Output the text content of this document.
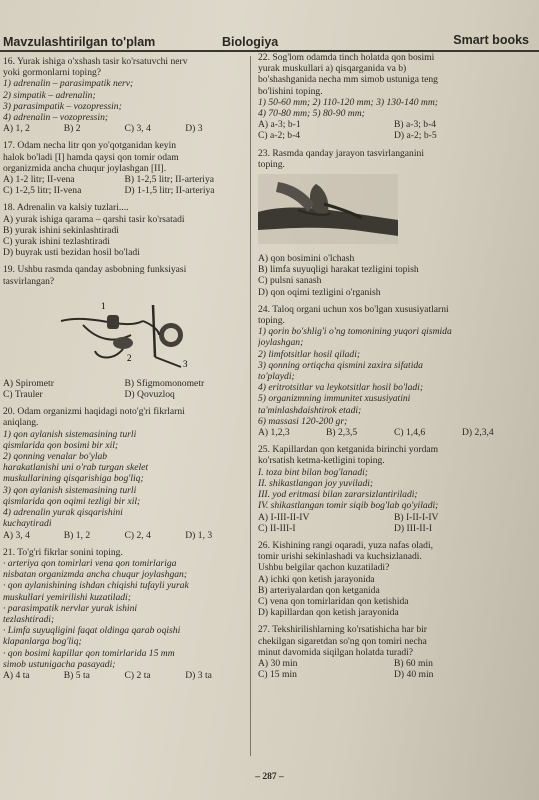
Mavzulashtirilgan to'plam	Biologiya	Smart books
16. Yurak ishiga o'xshash tasir ko'rsatuvchi nerv
yoki gormonlarni toping?
1) adrenalin – parasimpatik nerv;
2) simpatik – adrenalin;
3) parasimpatik – vozopressin;
4) adrenalin – vozopressin;
A) 1, 2	B) 2	C) 3, 4	D) 3
17. Odam necha litr qon yo'qotganidan keyin
halok bo'ladi [I] hamda qaysi qon tomir odam
organizmida ancha chuqur joylashgan [II].
A) 1-2 litr; II-vena	B) 1-2,5 litr; II-arteriya
C) 1-2,5 litr; II-vena	D) 1-1,5 litr; II-arteriya
18. Adrenalin va kalsiy tuzlari....
A) yurak ishiga qarama – qarshi tasir ko'rsatadi
B) yurak ishini sekinlashtiradi
C) yurak ishini tezlashtiradi
D) buyrak usti bezidan hosil bo'ladi
19. Ushbu rasmda qanday asbobning funksiyasi
tasvirlangan?
1
2
3
A) Spirometr	B) Sfigmomonometr
C) Trauler	D) Qovuzloq
20. Odam organizmi haqidagi noto'g'ri fikrlarni
aniqlang.
1) qon aylanish sistemasining turli
qismlarida qon bosimi bir xil;
2) qonning venalar bo'ylab
harakatlanishi uni o'rab turgan skelet
muskullarining qisqarishiga bog'liq;
3) qon aylanish sistemasining turli
qismlarida qon oqimi tezligi bir xil;
4) adrenalin yurak qisqarishini
kuchaytiradi
A) 3, 4	B) 1, 2	C) 2, 4	D) 1, 3
21. To'g'ri fikrlar sonini toping.
· arteriya qon tomirlari vena qon tomirlariga
nisbatan organizmda ancha chuqur joylashgan;
· qon aylanishining ishdan chiqishi tufayli yurak
muskullari yemirilishi kuzatiladi;
· parasimpatik nervlar yurak ishini
tezlashtiradi;
· Limfa suyuqligini faqat oldinga qarab oqishi
klapanlarga bog'liq;
· qon bosimi kapillar qon tomirlarida 15 mm
simob ustunigacha pasayadi;
A) 4 ta	B) 5 ta	C) 2 ta	D) 3 ta
22. Sog'lom odamda tinch holatda qon bosimi
yurak muskullari a) qisqarganida va b)
bo'shashganida necha mm simob ustuniga teng
bo'lishini toping.
1) 50-60 mm; 2) 110-120 mm; 3) 130-140 mm;
4) 70-80 mm; 5) 80-90 mm;
A) a-3; b-1	B) a-3; b-4
C) a-2; b-4	D) a-2; b-5
23. Rasmda qanday jarayon tasvirlanganini
toping.
A) qon bosimini o'lchash
B) limfa suyuqligi harakat tezligini topish
C) pulsni sanash
D) qon oqimi tezligini o'rganish
24. Taloq organi uchun xos bo'lgan xususiyatlarni
toping.
1) qorin bo'shlig'i o'ng tomonining yuqori qismida
joylashgan;
2) limfotsitlar hosil qiladi;
3) qonning ortiqcha qismini zaxira sifatida
to'playdi;
4) eritrotsitlar va leykotsitlar hosil bo'ladi;
5) organizmning immunitet xususiyatini
ta'minlashdaishtirok etadi;
6) massasi 120-200 gr;
A) 1,2,3	B) 2,3,5	C) 1,4,6	D) 2,3,4
25. Kapillardan qon ketganida birinchi yordam
ko'rsatish ketma-ketligini toping.
I. toza bint bilan bog'lanadi;
II. shikastlangan joy yuviladi;
III. yod eritmasi bilan zararsizlantiriladi;
IV. shikastlangan tomir siqib bog'lab qo'yiladi;
A) I-III-II-IV	B) I-II-I-IV
C) II-III-I	D) III-II-I
26. Kishining rangi oqaradi, yuza nafas oladi,
tomir urishi sekinlashadi va kuchsizlanadi.
Ushbu belgilar qachon kuzatiladi?
A) ichki qon ketish jarayonida
B) arteriyalardan qon ketganida
C) vena qon tomirlaridan qon ketishida
D) kapillardan qon ketish jarayonida
27. Tekshirilishlarning ko'rsatishicha har bir
chekilgan sigaretdan so'ng qon tomiri necha
minut davomida siqilgan holatda turadi?
A) 30 min	B) 60 min
C) 15 min	D) 40 min
– 287 –
